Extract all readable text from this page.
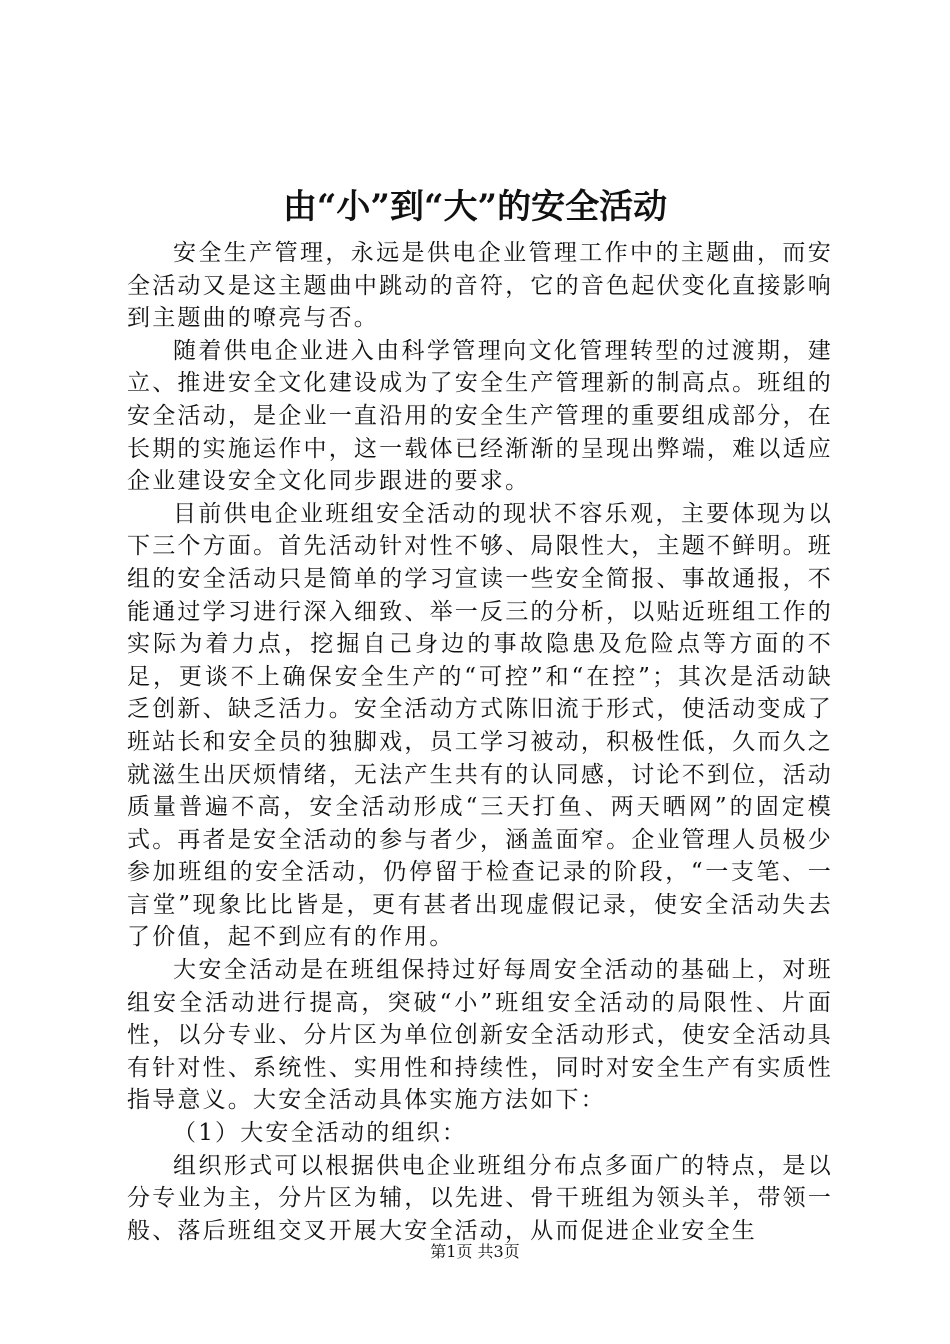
由“小”到“大”的安全活动

安全生产管理，永远是供电企业管理工作中的主题曲，而安全活动又是这主题曲中跳动的音符，它的音色起伏变化直接影响到主题曲的嘹亮与否。

随着供电企业进入由科学管理向文化管理转型的过渡期，建立、推进安全文化建设成为了安全生产管理新的制高点。班组的安全活动，是企业一直沿用的安全生产管理的重要组成部分，在长期的实施运作中，这一载体已经渐渐的呈现出弊端，难以适应企业建设安全文化同步跟进的要求。

目前供电企业班组安全活动的现状不容乐观，主要体现为以下三个方面。首先活动针对性不够、局限性大，主题不鲜明。班组的安全活动只是简单的学习宣读一些安全简报、事故通报，不能通过学习进行深入细致、举一反三的分析，以贴近班组工作的实际为着力点，挖掘自己身边的事故隐患及危险点等方面的不足，更谈不上确保安全生产的“可控”和“在控”；其次是活动缺乏创新、缺乏活力。安全活动方式陈旧流于形式，使活动变成了班站长和安全员的独脚戏，员工学习被动，积极性低，久而久之就滋生出厌烦情绪，无法产生共有的认同感，讨论不到位，活动质量普遍不高，安全活动形成“三天打鱼、两天晒网”的固定模式。再者是安全活动的参与者少，涵盖面窄。企业管理人员极少参加班组的安全活动，仍停留于检查记录的阶段，“一支笔、一言堂”现象比比皆是，更有甚者出现虚假记录，使安全活动失去了价值，起不到应有的作用。

大安全活动是在班组保持过好每周安全活动的基础上，对班组安全活动进行提高，突破“小”班组安全活动的局限性、片面性，以分专业、分片区为单位创新安全活动形式，使安全活动具有针对性、系统性、实用性和持续性，同时对安全生产有实质性指导意义。大安全活动具体实施方法如下：

（1）大安全活动的组织：

组织形式可以根据供电企业班组分布点多面广的特点，是以分专业为主，分片区为辅，以先进、骨干班组为领头羊，带领一般、落后班组交叉开展大安全活动，从而促进企业安全生

第1页 共3页
